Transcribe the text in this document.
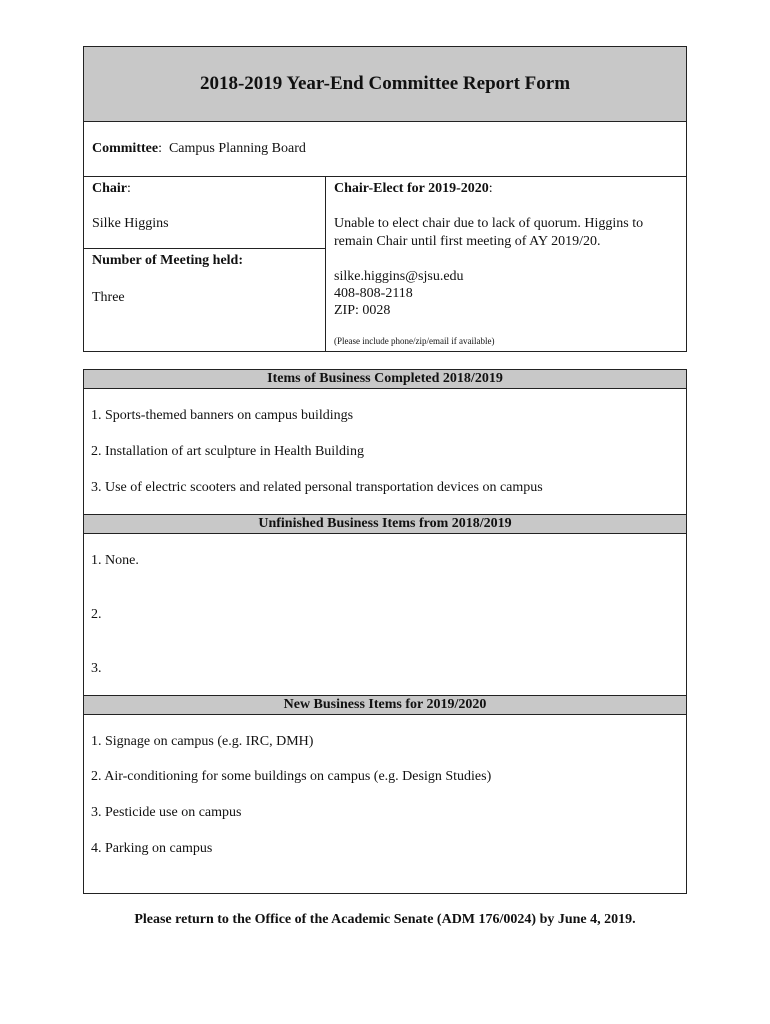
2018-2019 Year-End Committee Report Form
Committee:  Campus Planning Board
Chair:
Silke Higgins
Number of Meeting held:
Three
Chair-Elect for 2019-2020:
Unable to elect chair due to lack of quorum. Higgins to
remain Chair until first meeting of AY 2019/20.
silke.higgins@sjsu.edu
408-808-2118
ZIP: 0028
(Please include phone/zip/email if available)
Items of Business Completed 2018/2019
1. Sports-themed banners on campus buildings
2. Installation of art sculpture in Health Building
3. Use of electric scooters and related personal transportation devices on campus
Unfinished Business Items from 2018/2019
1. None.
2.
3.
New Business Items for 2019/2020
1. Signage on campus (e.g. IRC, DMH)
2. Air-conditioning for some buildings on campus (e.g. Design Studies)
3. Pesticide use on campus
4. Parking on campus
Please return to the Office of the Academic Senate (ADM 176/0024) by June 4, 2019.
